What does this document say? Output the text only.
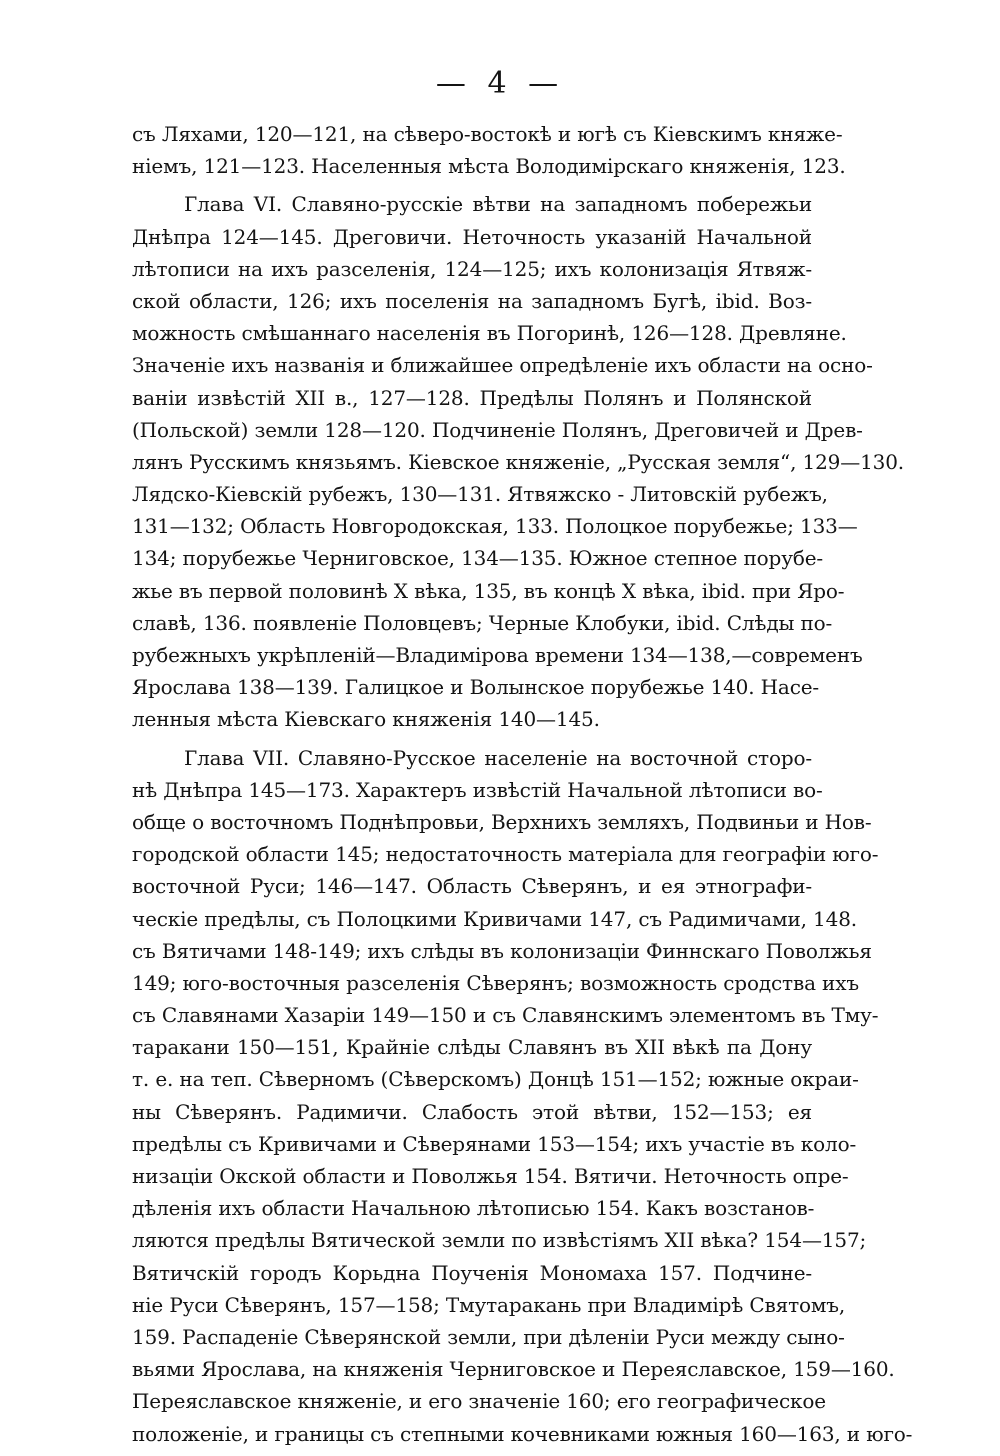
— 4 —
съ Ляхами, 120—121, на сѣверо-востокѣ и югѣ съ Кіевскимъ княже-
ніемъ, 121—123. Населенныя мѣста Володимірскаго княженія, 123.
Глава VI. Славяно-русскіе вѣтви на западномъ побережьи
Днѣпра 124—145. Дреговичи. Неточность указаній Начальной
лѣтописи на ихъ разселенія, 124—125; ихъ колонизація Ятвяж-
ской области, 126; ихъ поселенія на западномъ Бугѣ, ibid. Воз-
можность смѣшаннаго населенія въ Погоринѣ, 126—128. Древляне.
Значеніе ихъ названія и ближайшее опредѣленіе ихъ области на осно-
ваніи извѣстій XII в., 127—128. Предѣлы Полянъ и Полянской
(Польской) земли 128—120. Подчиненіе Полянъ, Дреговичей и Древ-
лянъ Русскимъ князьямъ. Кіевское княженіе, „Русская земля“, 129—130.
Лядско-Кіевскій рубежъ, 130—131. Ятвяжско - Литовскій рубежъ,
131—132; Область Новгородокская, 133. Полоцкое порубежье; 133—
134; порубежье Черниговское, 134—135. Южное степное порубе-
жье въ первой половинѣ X вѣка, 135, въ концѣ X вѣка, ibid. при Яро-
славѣ, 136. появленіе Половцевъ; Черные Клобуки, ibid. Слѣды по-
рубежныхъ укрѣпленій—Владимірова времени 134—138,—современъ
Ярослава 138—139. Галицкое и Волынское порубежье 140. Насе-
ленныя мѣста Кіевскаго княженія 140—145.
Глава VII. Славяно-Русское населеніе на восточной сторо-
нѣ Днѣпра 145—173. Характеръ извѣстій Начальной лѣтописи во-
обще о восточномъ Поднѣпровьи, Верхнихъ земляхъ, Подвиньи и Нов-
городской области 145; недостаточность матеріала для географіи юго-
восточной Руси; 146—147. Область Сѣверянъ, и ея этнографи-
ческіе предѣлы, съ Полоцкими Кривичами 147, съ Радимичами, 148.
съ Вятичами 148-149; ихъ слѣды въ колонизаціи Финнскаго Поволжья
149; юго-восточныя разселенія Сѣверянъ; возможность сродства ихъ
съ Славянами Хазаріи 149—150 и съ Славянскимъ элементомъ въ Тму-
таракани 150—151, Крайніе слѣды Славянъ въ XII вѣкѣ па Дону
т. е. на теп. Сѣверномъ (Сѣверскомъ) Донцѣ 151—152; южные окраи-
ны Сѣверянъ. Радимичи. Слабость этой вѣтви, 152—153; ея
предѣлы съ Кривичами и Сѣверянами 153—154; ихъ участіе въ коло-
низаціи Окской области и Поволжья 154. Вятичи. Неточность опре-
дѣленія ихъ области Начальною лѣтописью 154. Какъ возстанов-
ляются предѣлы Вятической земли по извѣстіямъ XII вѣка? 154—157;
Вятичскій городъ Корьдна Поученія Мономаха 157. Подчине-
ніе Руси Сѣверянъ, 157—158; Тмутаракань при Владимірѣ Святомъ,
159. Распаденіе Сѣверянской земли, при дѣленіи Руси между сыно-
вьями Ярослава, на княженія Черниговское и Переяславское, 159—160.
Переяславское княженіе, и его значеніе 160; его географическое
положеніе, и границы съ степными кочевниками южныя 160—163, и юго-
